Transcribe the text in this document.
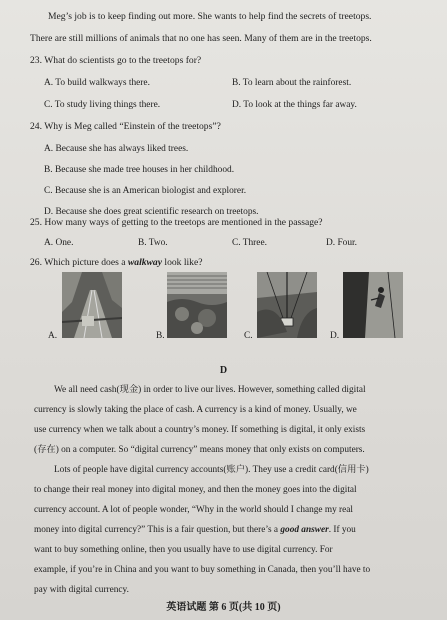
Meg’s job is to keep finding out more. She wants to help find the secrets of treetops.
There are still millions of animals that no one has seen. Many of them are in the treetops.
23. What do scientists go to the treetops for?
A. To build walkways there.	B. To learn about the rainforest.
C. To study living things there.	D. To look at the things far away.
24. Why is Meg called “Einstein of the treetops”?
A. Because she has always liked trees.
B. Because she made tree houses in her childhood.
C. Because she is an American biologist and explorer.
D. Because she does great scientific research on treetops.
25. How many ways of getting to the treetops are mentioned in the passage?
A. One.	B. Two.	C. Three.	D. Four.
26. Which picture does a walkway look like?
A.	B.	C.	D.
D
We all need cash(现金) in order to live our lives. However, something called digital
currency is slowly taking the place of cash. A currency is a kind of money. Usually, we
use currency when we talk about a country’s money. If something is digital, it only exists
(存在) on a computer. So “digital currency” means money that only exists on computers.
Lots of people have digital currency accounts(账户). They use a credit card(信用卡)
to change their real money into digital money, and then the money goes into the digital
currency account. A lot of people wonder, “Why in the world should I change my real
money into digital currency?” This is a fair question, but there’s a good answer. If you
want to buy something online, then you usually have to use digital currency. For
example, if you’re in China and you want to buy something in Canada, then you’ll have to
pay with digital currency.
英语试题 第 6 页(共 10 页)
